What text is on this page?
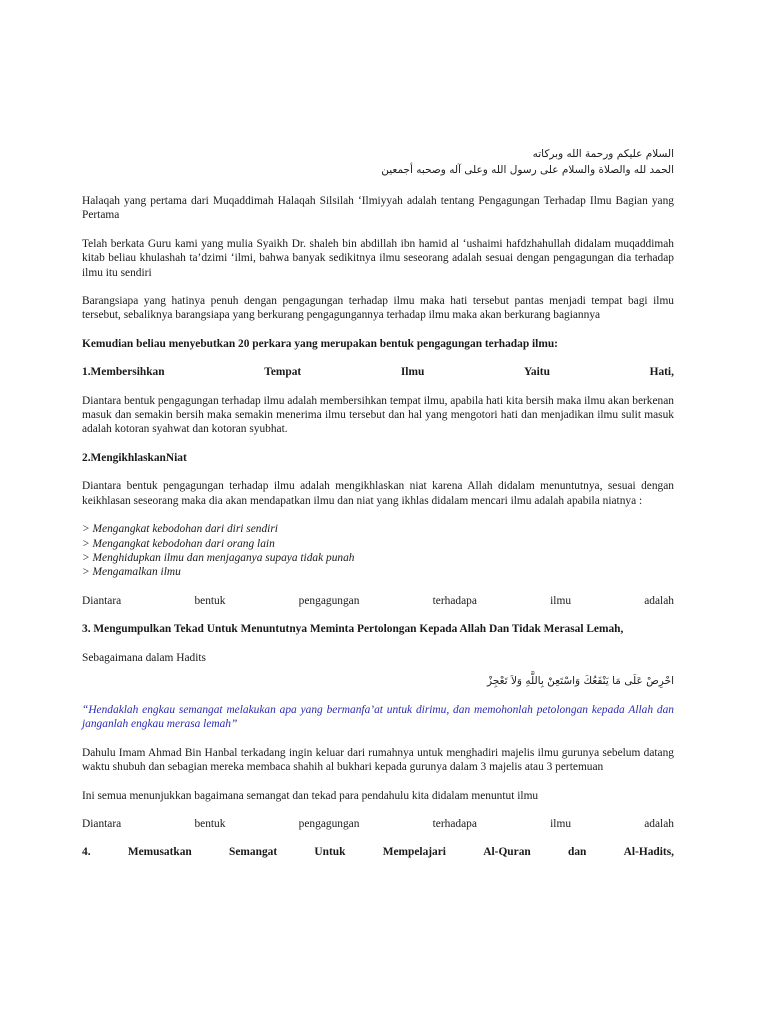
السلام عليكم ورحمة الله وبركاته
الحمد لله والصلاة والسلام على رسول الله وعلى آله وصحبه أجمعين

Halaqah yang pertama dari Muqaddimah Halaqah Silsilah ‘Ilmiyyah adalah tentang Pengagungan Terhadap Ilmu Bagian yang Pertama

Telah berkata Guru kami yang mulia Syaikh Dr. shaleh bin abdillah ibn hamid al ‘ushaimi hafdzhahullah didalam muqaddimah kitab beliau khulashah ta’dzimi ‘ilmi, bahwa banyak sedikitnya ilmu seseorang adalah sesuai dengan pengagungan dia terhadap ilmu itu sendiri

Barangsiapa yang hatinya penuh dengan pengagungan terhadap ilmu maka hati tersebut pantas menjadi tempat bagi ilmu tersebut, sebaliknya barangsiapa yang berkurang pengagungannya terhadap ilmu maka akan berkurang bagiannya

Kemudian beliau menyebutkan 20 perkara yang merupakan bentuk pengagungan terhadap ilmu:

1.Membersihkan	Tempat	Ilmu	Yaitu	Hati,

Diantara bentuk pengagungan terhadap ilmu adalah membersihkan tempat ilmu, apabila hati kita bersih maka ilmu akan berkenan masuk dan semakin bersih maka semakin menerima ilmu tersebut dan hal yang mengotori hati dan menjadikan ilmu sulit masuk adalah kotoran syahwat dan kotoran syubhat.

2.MengikhlaskanNiat

Diantara bentuk pengagungan terhadap ilmu adalah mengikhlaskan niat karena Allah didalam menuntutnya, sesuai dengan keikhlasan seseorang maka dia akan mendapatkan ilmu dan niat yang ikhlas didalam mencari ilmu adalah apabila niatnya :

> Mengangkat kebodohan dari diri sendiri
> Mengangkat kebodohan dari orang lain
> Menghidupkan ilmu dan menjaganya supaya tidak punah
> Mengamalkan ilmu
Diantara	bentuk	pengagungan	terhadapa	ilmu	adalah

3. Mengumpulkan Tekad Untuk Menuntutnya Meminta Pertolongan Kepada Allah Dan Tidak Merasal Lemah,

Sebagaimana dalam Hadits

احْرِصْ عَلَى مَا يَنْفَعُكَ وَاسْتَعِنْ بِاللَّهِ وَلاَ تَعْجِزْ

“Hendaklah engkau semangat melakukan apa yang bermanfa’at untuk dirimu, dan memohonlah petolongan kepada Allah dan janganlah engkau merasa lemah”

Dahulu Imam Ahmad Bin Hanbal terkadang ingin keluar dari rumahnya untuk menghadiri majelis ilmu gurunya sebelum datang waktu shubuh dan sebagian mereka membaca shahih al bukhari kepada gurunya dalam 3 majelis atau 3 pertemuan

Ini semua menunjukkan bagaimana semangat dan tekad para pendahulu kita didalam menuntut ilmu

Diantara	bentuk	pengagungan	terhadapa	ilmu	adalah
4.	Memusatkan	Semangat	Untuk	Mempelajari	Al-Quran	dan	Al-Hadits,
